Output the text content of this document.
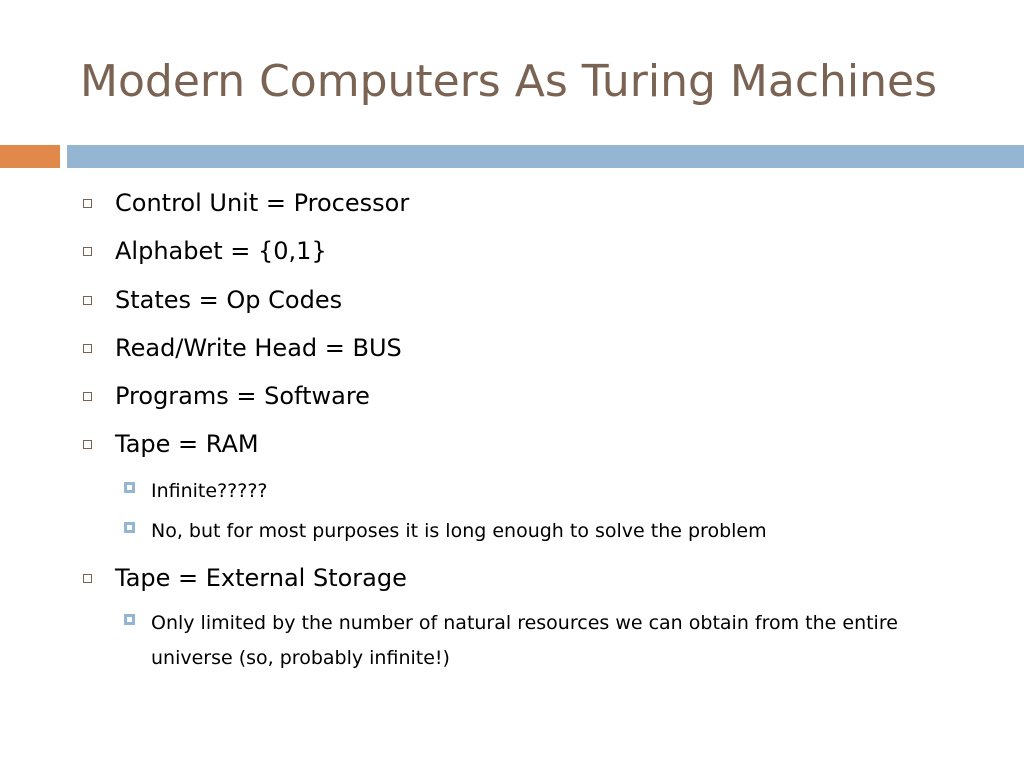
Modern Computers As Turing Machines
Control Unit = Processor
Alphabet = {0,1}
States = Op Codes
Read/Write Head = BUS
Programs = Software
Tape = RAM
Infinite?????
No, but for most purposes it is long enough to solve the problem
Tape = External Storage
Only limited by the number of natural resources we can obtain from the entire universe (so, probably infinite!)
